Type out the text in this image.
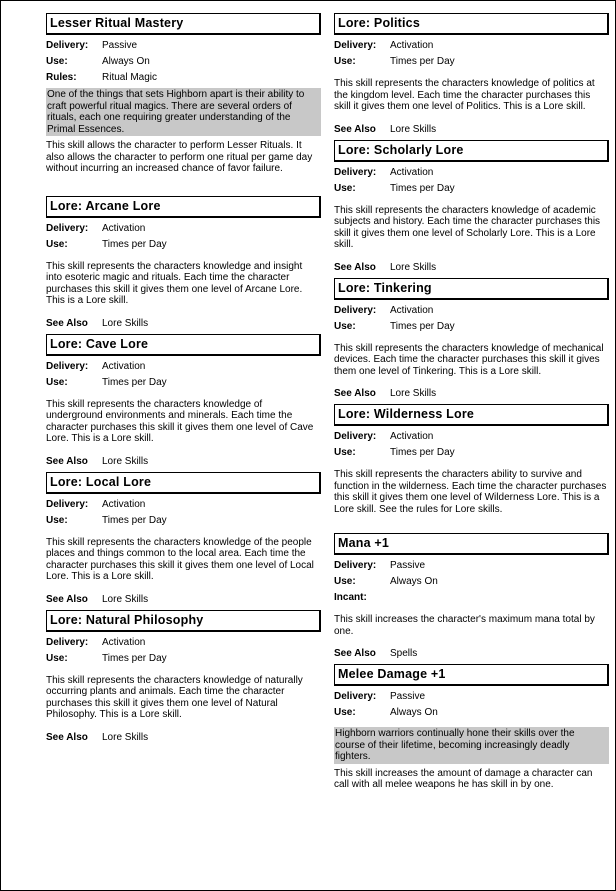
Lesser Ritual Mastery
Delivery:	Passive
Use:	Always On
Rules:	Ritual Magic
One of the things that sets Highborn apart is their ability to craft powerful ritual magics. There are several orders of rituals, each one requiring greater understanding of the Primal Essences.
This skill allows the character to perform Lesser Rituals. It also allows the character to perform one ritual per game day without incurring an increased chance of favor failure.
Lore: Arcane Lore
Delivery:	Activation
Use:	Times per Day
This skill represents the characters knowledge and insight into esoteric magic and rituals. Each time the character purchases this skill it gives them one level of Arcane Lore. This is a Lore skill.
See Also	Lore Skills
Lore: Cave Lore
Delivery:	Activation
Use:	Times per Day
This skill represents the characters knowledge of underground environments and minerals. Each time the character purchases this skill it gives them one level of Cave Lore. This is a Lore skill.
See Also	Lore Skills
Lore: Local Lore
Delivery:	Activation
Use:	Times per Day
This skill represents the characters knowledge of the people places and things common to the local area. Each time the character purchases this skill it gives them one level of Local Lore. This is a Lore skill.
See Also	Lore Skills
Lore: Natural Philosophy
Delivery:	Activation
Use:	Times per Day
This skill represents the characters knowledge of naturally occurring plants and animals. Each time the character purchases this skill it gives them one level of Natural Philosophy. This is a Lore skill.
See Also	Lore Skills
Lore: Politics
Delivery:	Activation
Use:	Times per Day
This skill represents the characters knowledge of politics at the kingdom level. Each time the character purchases this skill it gives them one level of Politics. This is a Lore skill.
See Also	Lore Skills
Lore: Scholarly Lore
Delivery:	Activation
Use:	Times per Day
This skill represents the characters knowledge of academic subjects and history. Each time the character purchases this skill it gives them one level of Scholarly Lore. This is a Lore skill.
See Also	Lore Skills
Lore: Tinkering
Delivery:	Activation
Use:	Times per Day
This skill represents the characters knowledge of mechanical devices. Each time the character purchases this skill it gives them one level of Tinkering. This is a Lore skill.
See Also	Lore Skills
Lore: Wilderness Lore
Delivery:	Activation
Use:	Times per Day
This skill represents the characters ability to survive and function in the wilderness. Each time the character purchases this skill it gives them one level of Wilderness Lore. This is a Lore skill. See the rules for Lore skills.
Mana +1
Delivery:	Passive
Use:	Always On
Incant:
This skill increases the character's maximum mana total by one.
See Also	Spells
Melee Damage +1
Delivery:	Passive
Use:	Always On
Highborn warriors continually hone their skills over the course of their lifetime, becoming increasingly deadly fighters.
This skill increases the amount of damage a character can call with all melee weapons he has skill in by one.
